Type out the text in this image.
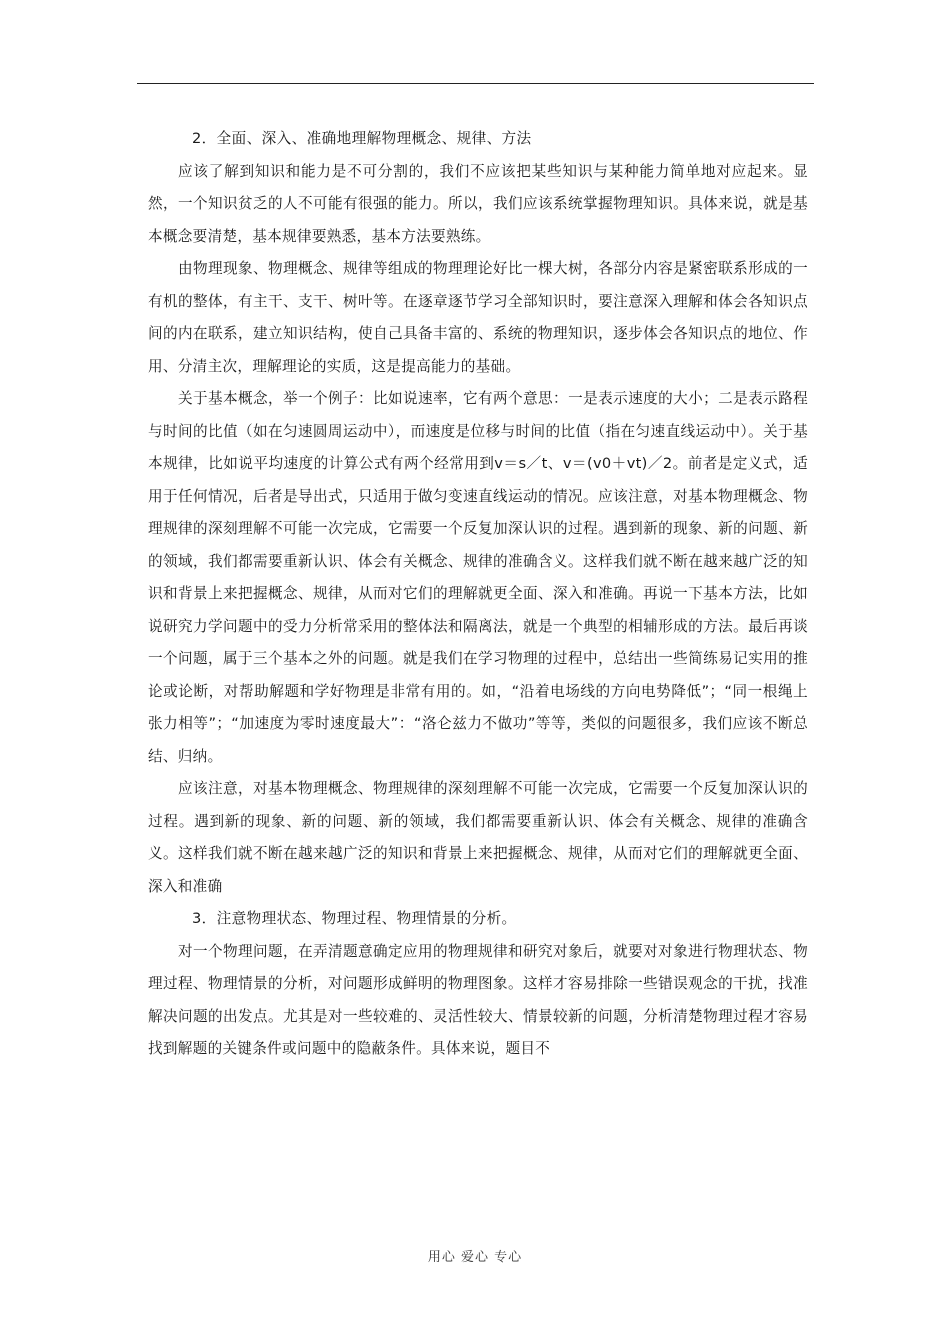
2．全面、深入、准确地理解物理概念、规律、方法

应该了解到知识和能力是不可分割的，我们不应该把某些知识与某种能力简单地对应起来。显然，一个知识贫乏的人不可能有很强的能力。所以，我们应该系统掌握物理知识。具体来说，就是基本概念要清楚，基本规律要熟悉，基本方法要熟练。

由物理现象、物理概念、规律等组成的物理理论好比一棵大树，各部分内容是紧密联系形成的一有机的整体，有主干、支干、树叶等。在逐章逐节学习全部知识时，要注意深入理解和体会各知识点间的内在联系，建立知识结构，使自己具备丰富的、系统的物理知识，逐步体会各知识点的地位、作用、分清主次，理解理论的实质，这是提高能力的基础。

关于基本概念，举一个例子：比如说速率，它有两个意思：一是表示速度的大小；二是表示路程与时间的比值（如在匀速圆周运动中），而速度是位移与时间的比值（指在匀速直线运动中）。关于基本规律，比如说平均速度的计算公式有两个经常用到v＝s／t、v＝(v0＋vt)／2。前者是定义式，适用于任何情况，后者是导出式，只适用于做匀变速直线运动的情况。应该注意，对基本物理概念、物理规律的深刻理解不可能一次完成，它需要一个反复加深认识的过程。遇到新的现象、新的问题、新的领域，我们都需要重新认识、体会有关概念、规律的准确含义。这样我们就不断在越来越广泛的知识和背景上来把握概念、规律，从而对它们的理解就更全面、深入和准确。再说一下基本方法，比如说研究力学问题中的受力分析常采用的整体法和隔离法，就是一个典型的相辅形成的方法。最后再谈一个问题，属于三个基本之外的问题。就是我们在学习物理的过程中，总结出一些简练易记实用的推论或论断，对帮助解题和学好物理是非常有用的。如，“沿着电场线的方向电势降低”；“同一根绳上张力相等”；“加速度为零时速度最大”：“洛仑兹力不做功”等等，类似的问题很多，我们应该不断总结、归纳。

应该注意，对基本物理概念、物理规律的深刻理解不可能一次完成，它需要一个反复加深认识的过程。遇到新的现象、新的问题、新的领域，我们都需要重新认识、体会有关概念、规律的准确含义。这样我们就不断在越来越广泛的知识和背景上来把握概念、规律，从而对它们的理解就更全面、深入和准确

3．注意物理状态、物理过程、物理情景的分析。

对一个物理问题，在弄清题意确定应用的物理规律和研究对象后，就要对对象进行物理状态、物理过程、物理情景的分析，对问题形成鲜明的物理图象。这样才容易排除一些错误观念的干扰，找准解决问题的出发点。尤其是对一些较难的、灵活性较大、情景较新的问题，分析清楚物理过程才容易找到解题的关键条件或问题中的隐蔽条件。具体来说，题目不

用心 爱心 专心
